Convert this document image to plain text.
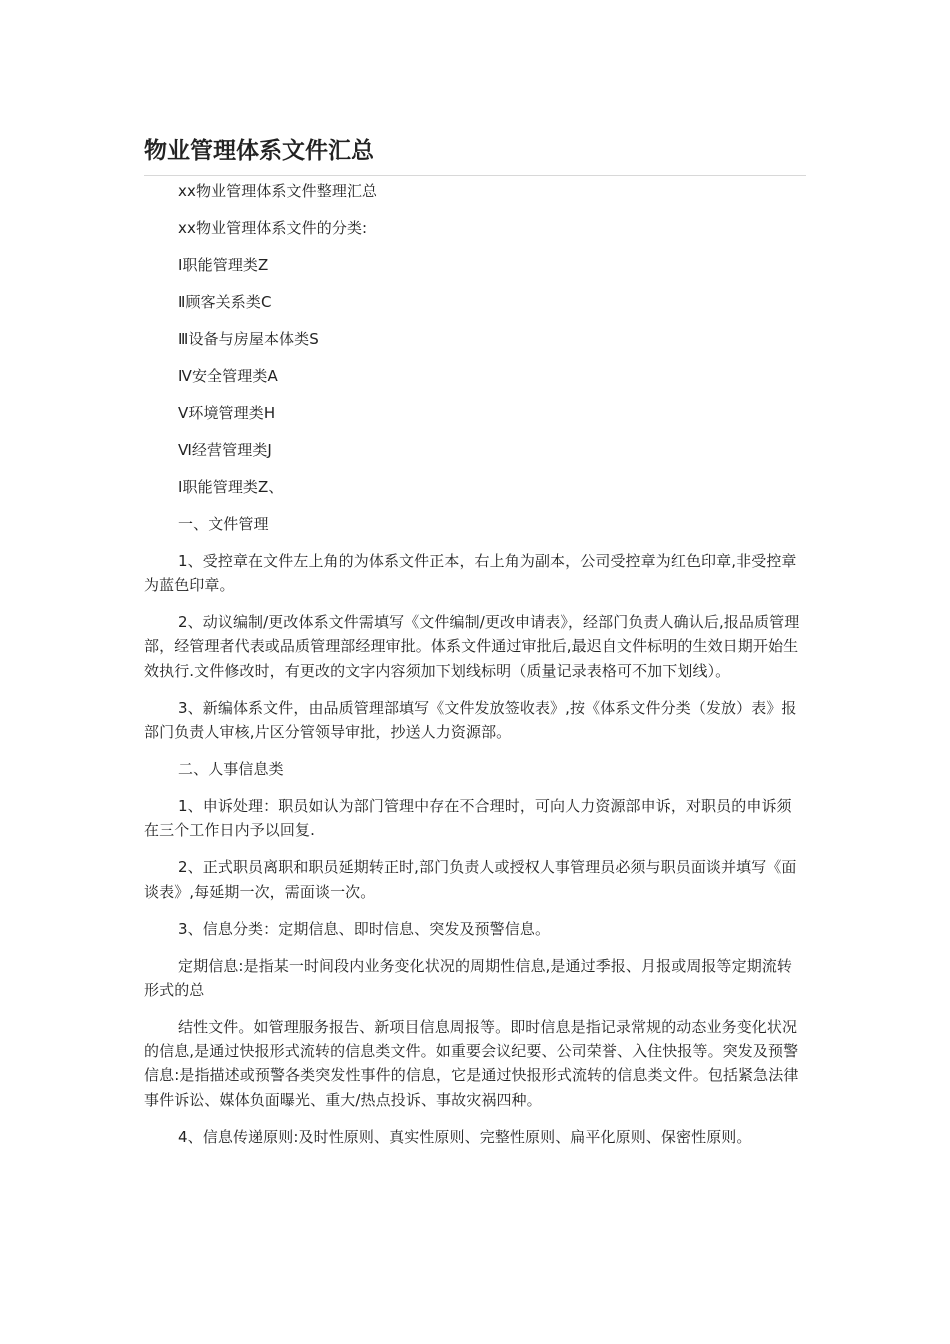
物业管理体系文件汇总

xx物业管理体系文件整理汇总

xx物业管理体系文件的分类:

Ⅰ职能管理类Z

Ⅱ顾客关系类C

Ⅲ设备与房屋本体类S

Ⅳ安全管理类A

Ⅴ环境管理类H

Ⅵ经营管理类J

Ⅰ职能管理类Z、

一、文件管理

1、受控章在文件左上角的为体系文件正本，右上角为副本，公司受控章为红色印章,非受控章为蓝色印章。

2、动议编制/更改体系文件需填写《文件编制/更改申请表》，经部门负责人确认后,报品质管理部，经管理者代表或品质管理部经理审批。体系文件通过审批后,最迟自文件标明的生效日期开始生效执行.文件修改时，有更改的文字内容须加下划线标明（质量记录表格可不加下划线）。

3、新编体系文件，由品质管理部填写《文件发放签收表》,按《体系文件分类（发放）表》报部门负责人审核,片区分管领导审批，抄送人力资源部。

二、人事信息类

1、申诉处理：职员如认为部门管理中存在不合理时，可向人力资源部申诉，对职员的申诉须在三个工作日内予以回复.

2、正式职员离职和职员延期转正时,部门负责人或授权人事管理员必须与职员面谈并填写《面谈表》,每延期一次，需面谈一次。

3、信息分类：定期信息、即时信息、突发及预警信息。

定期信息:是指某一时间段内业务变化状况的周期性信息,是通过季报、月报或周报等定期流转形式的总

结性文件。如管理服务报告、新项目信息周报等。即时信息是指记录常规的动态业务变化状况的信息,是通过快报形式流转的信息类文件。如重要会议纪要、公司荣誉、入住快报等。突发及预警信息:是指描述或预警各类突发性事件的信息，它是通过快报形式流转的信息类文件。包括紧急法律事件诉讼、媒体负面曝光、重大/热点投诉、事故灾祸四种。

4、信息传递原则:及时性原则、真实性原则、完整性原则、扁平化原则、保密性原则。
